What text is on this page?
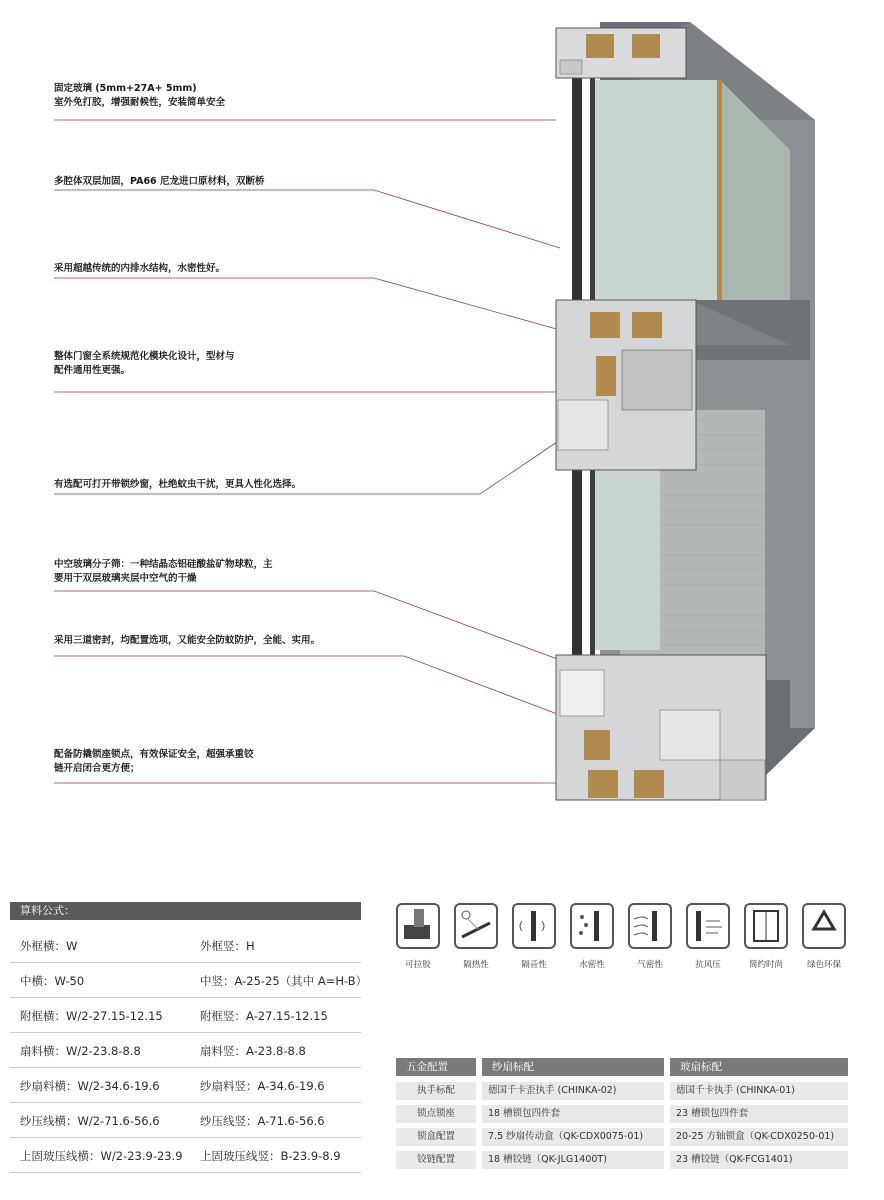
固定玻璃 (5mm+27A+ 5mm)
室外免打胶，增强耐候性，安装简单安全
多腔体双层加固，PA66 尼龙进口原材料，双断桥
采用超越传统的内排水结构，水密性好。
整体门窗全系统规范化模块化设计，型材与
配件通用性更强。
有选配可打开带锁纱窗，杜绝蚊虫干扰，更具人性化选择。
中空玻璃分子筛：一种结晶态铝硅酸盐矿物球粒，主
要用于双层玻璃夹层中空气的干燥
采用三道密封，均配置选项，又能安全防蚊防护，全能、实用。
配备防撬锁座锁点，有效保证安全，超强承重铰
链开启闭合更方便；
算料公式：
外框横：W	外框竖：H
中横：W-50	中竖：A-25-25（其中 A=H-B）
附框横：W/2-27.15-12.15	附框竖：A-27.15-12.15
扇料横：W/2-23.8-8.8	扇料竖：A-23.8-8.8
纱扇料横：W/2-34.6-19.6	纱扇料竖：A-34.6-19.6
纱压线横：W/2-71.6-56.6	纱压线竖：A-71.6-56.6
上固玻压线横：W/2-23.9-23.9 上固玻压线竖：B-23.9-8.9
可拉胶	隔热性	隔音性	水密性	气密性	抗风压	简约时尚	绿色环保
五金配置	纱扇标配	玻扇标配
执手标配	德国千卡歪执手 (CHINKA-02)	德国千卡执手 (CHINKA-01)
锁点锁座	18 槽锁包四件套	23 槽锁包四件套
锁盒配置	7.5 纱扇传动盒（QK-CDX0075-01)	20-25 方轴锁盒（QK-CDX0250-01)
铰链配置	18 槽铰链（QK-JLG1400T)	23 槽铰链（QK-FCG1401)
